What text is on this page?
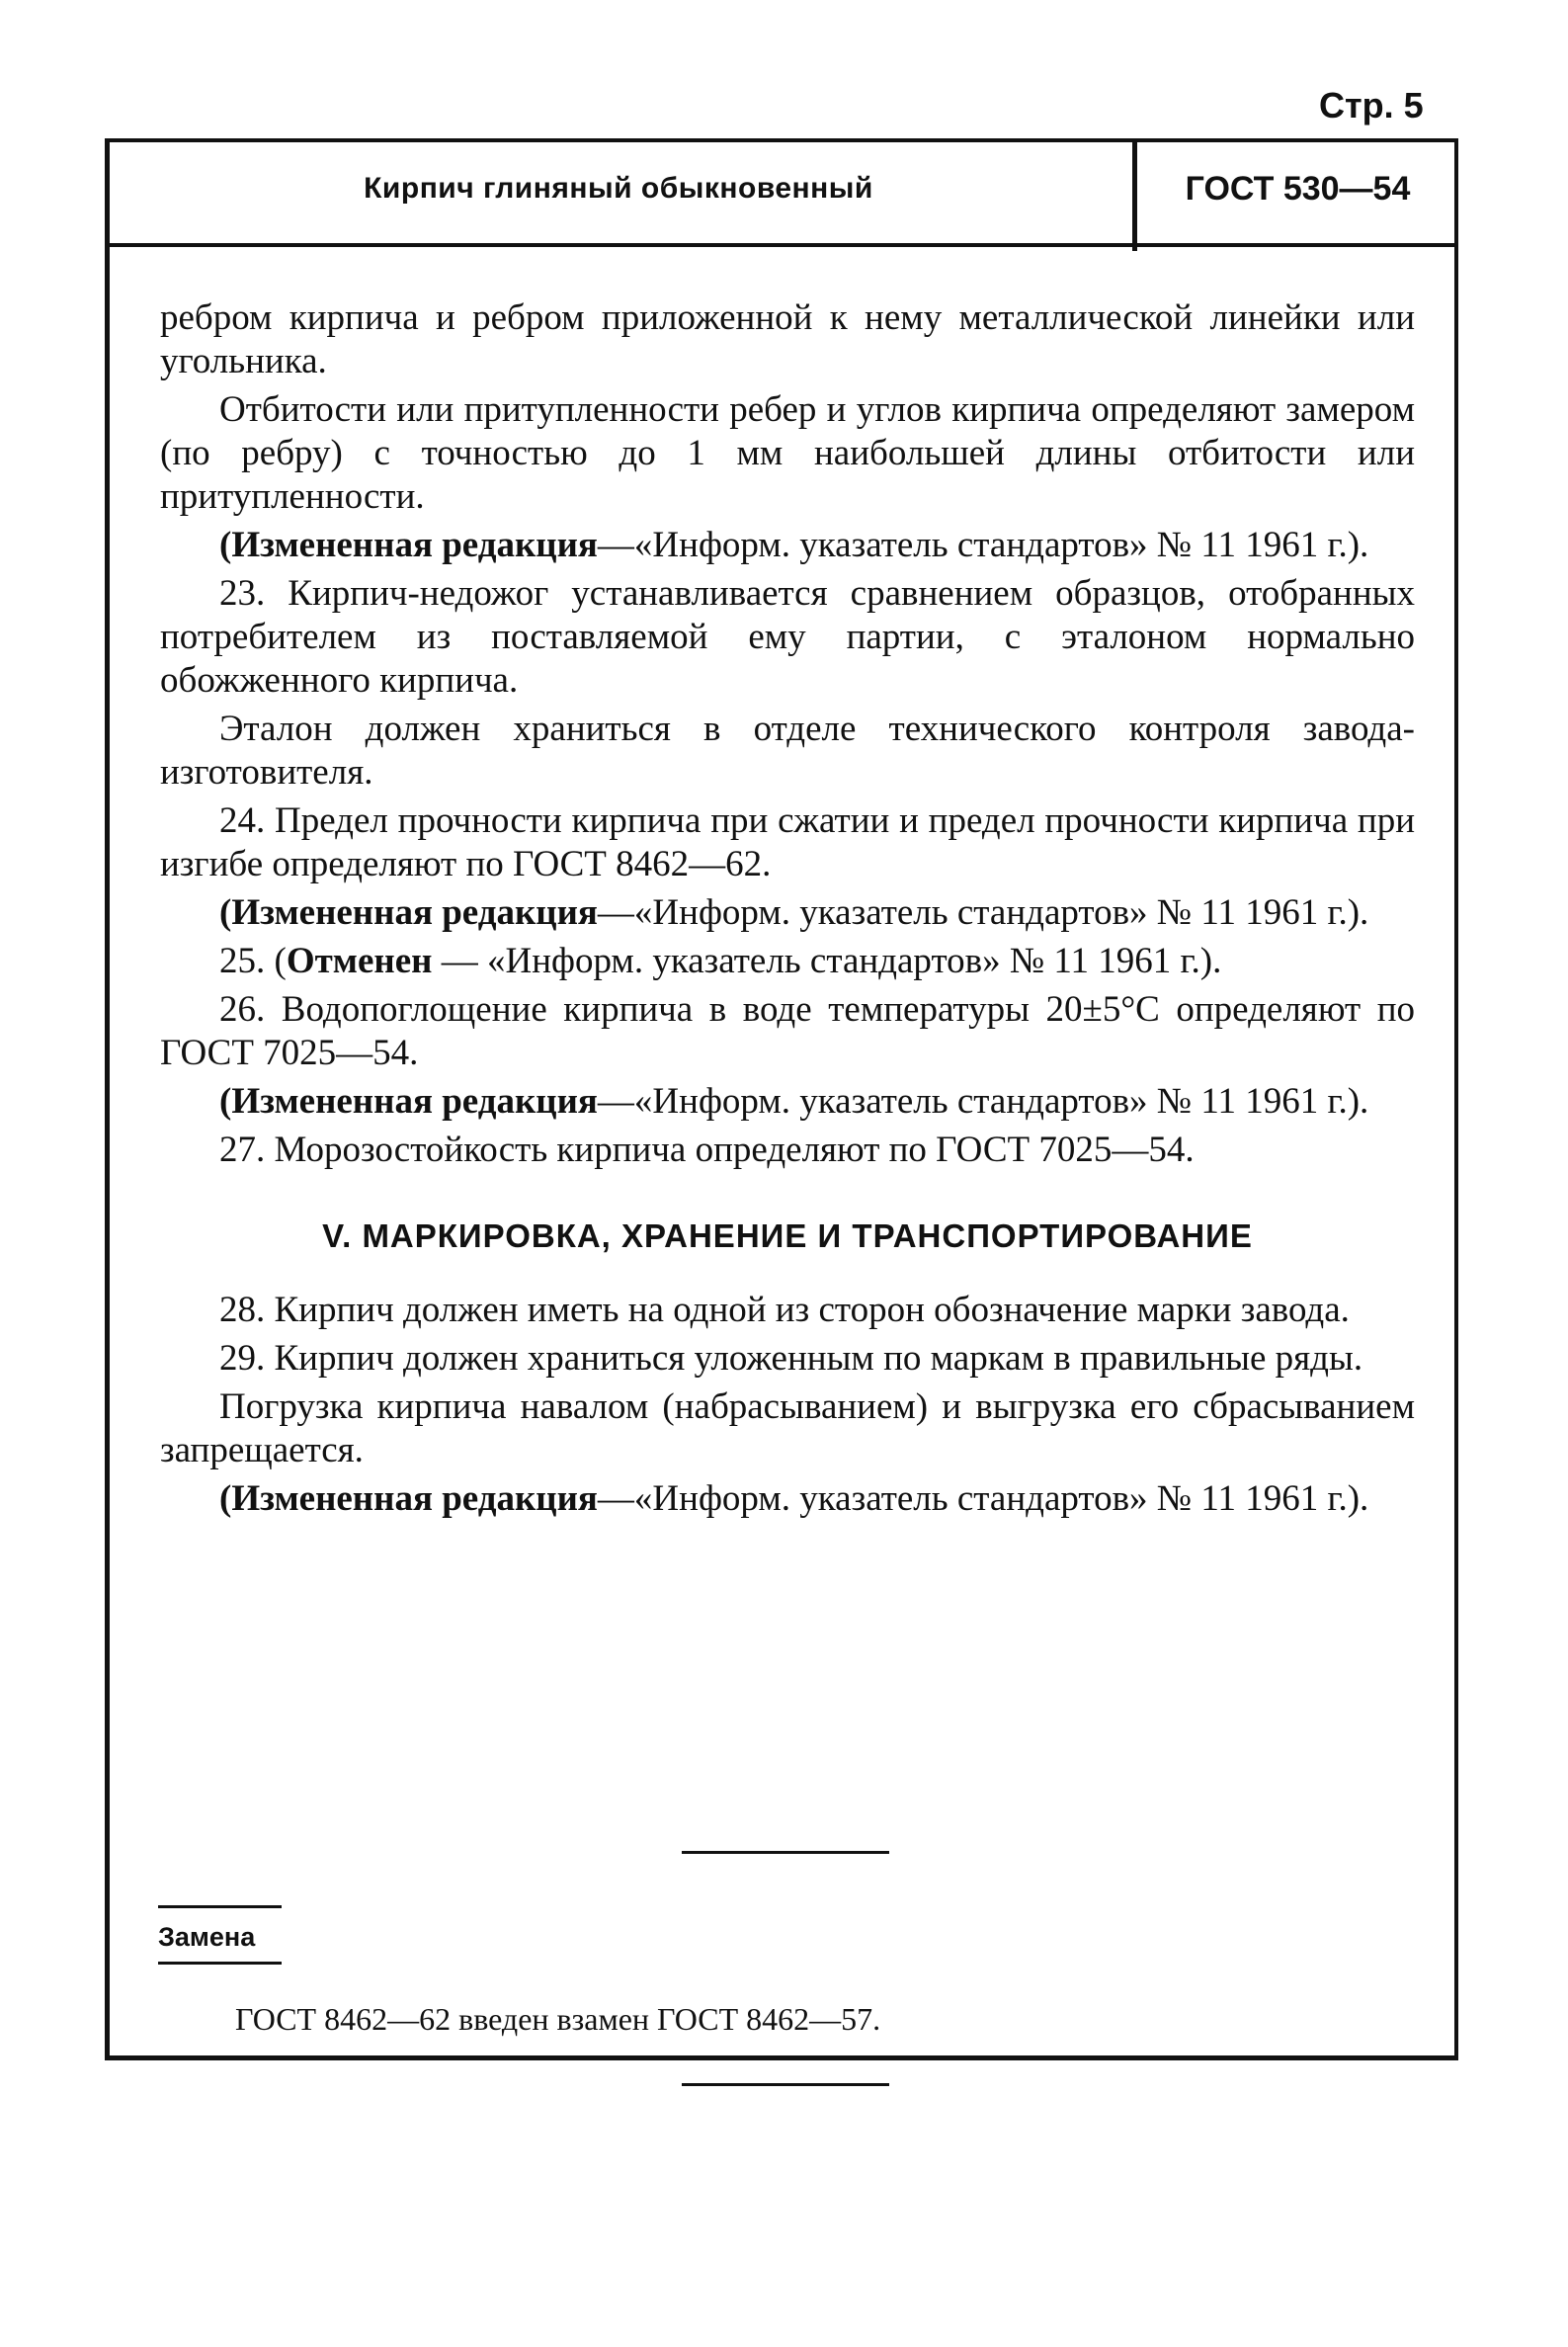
Стр. 5
Кирпич глиняный обыкновенный	ГОСТ 530—54

ребром кирпича и ребром приложенной к нему металлической линейки или угольника.

Отбитости или притупленности ребер и углов кирпича определяют замером (по ребру) с точностью до 1 мм наибольшей длины отбитости или притупленности.

(Измененная редакция—«Информ. указатель стандартов» № 11 1961 г.).

23. Кирпич-недожог устанавливается сравнением образцов, отобранных потребителем из поставляемой ему партии, с эталоном нормально обожженного кирпича.

Эталон должен храниться в отделе технического контроля завода-изготовителя.

24. Предел прочности кирпича при сжатии и предел прочности кирпича при изгибе определяют по ГОСТ 8462—62.

(Измененная редакция—«Информ. указатель стандартов» № 11 1961 г.).

25. (Отменен — «Информ. указатель стандартов» № 11 1961 г.).

26. Водопоглощение кирпича в воде температуры 20±5°С определяют по ГОСТ 7025—54.

(Измененная редакция—«Информ. указатель стандартов» № 11 1961 г.).

27. Морозостойкость кирпича определяют по ГОСТ 7025—54.

V. МАРКИРОВКА, ХРАНЕНИЕ И ТРАНСПОРТИРОВАНИЕ

28. Кирпич должен иметь на одной из сторон обозначение марки завода.

29. Кирпич должен храниться уложенным по маркам в правильные ряды.

Погрузка кирпича навалом (набрасыванием) и выгрузка его сбрасыванием запрещается.

(Измененная редакция—«Информ. указатель стандартов» № 11 1961 г.).

Замена
ГОСТ 8462—62 введен взамен ГОСТ 8462—57.
